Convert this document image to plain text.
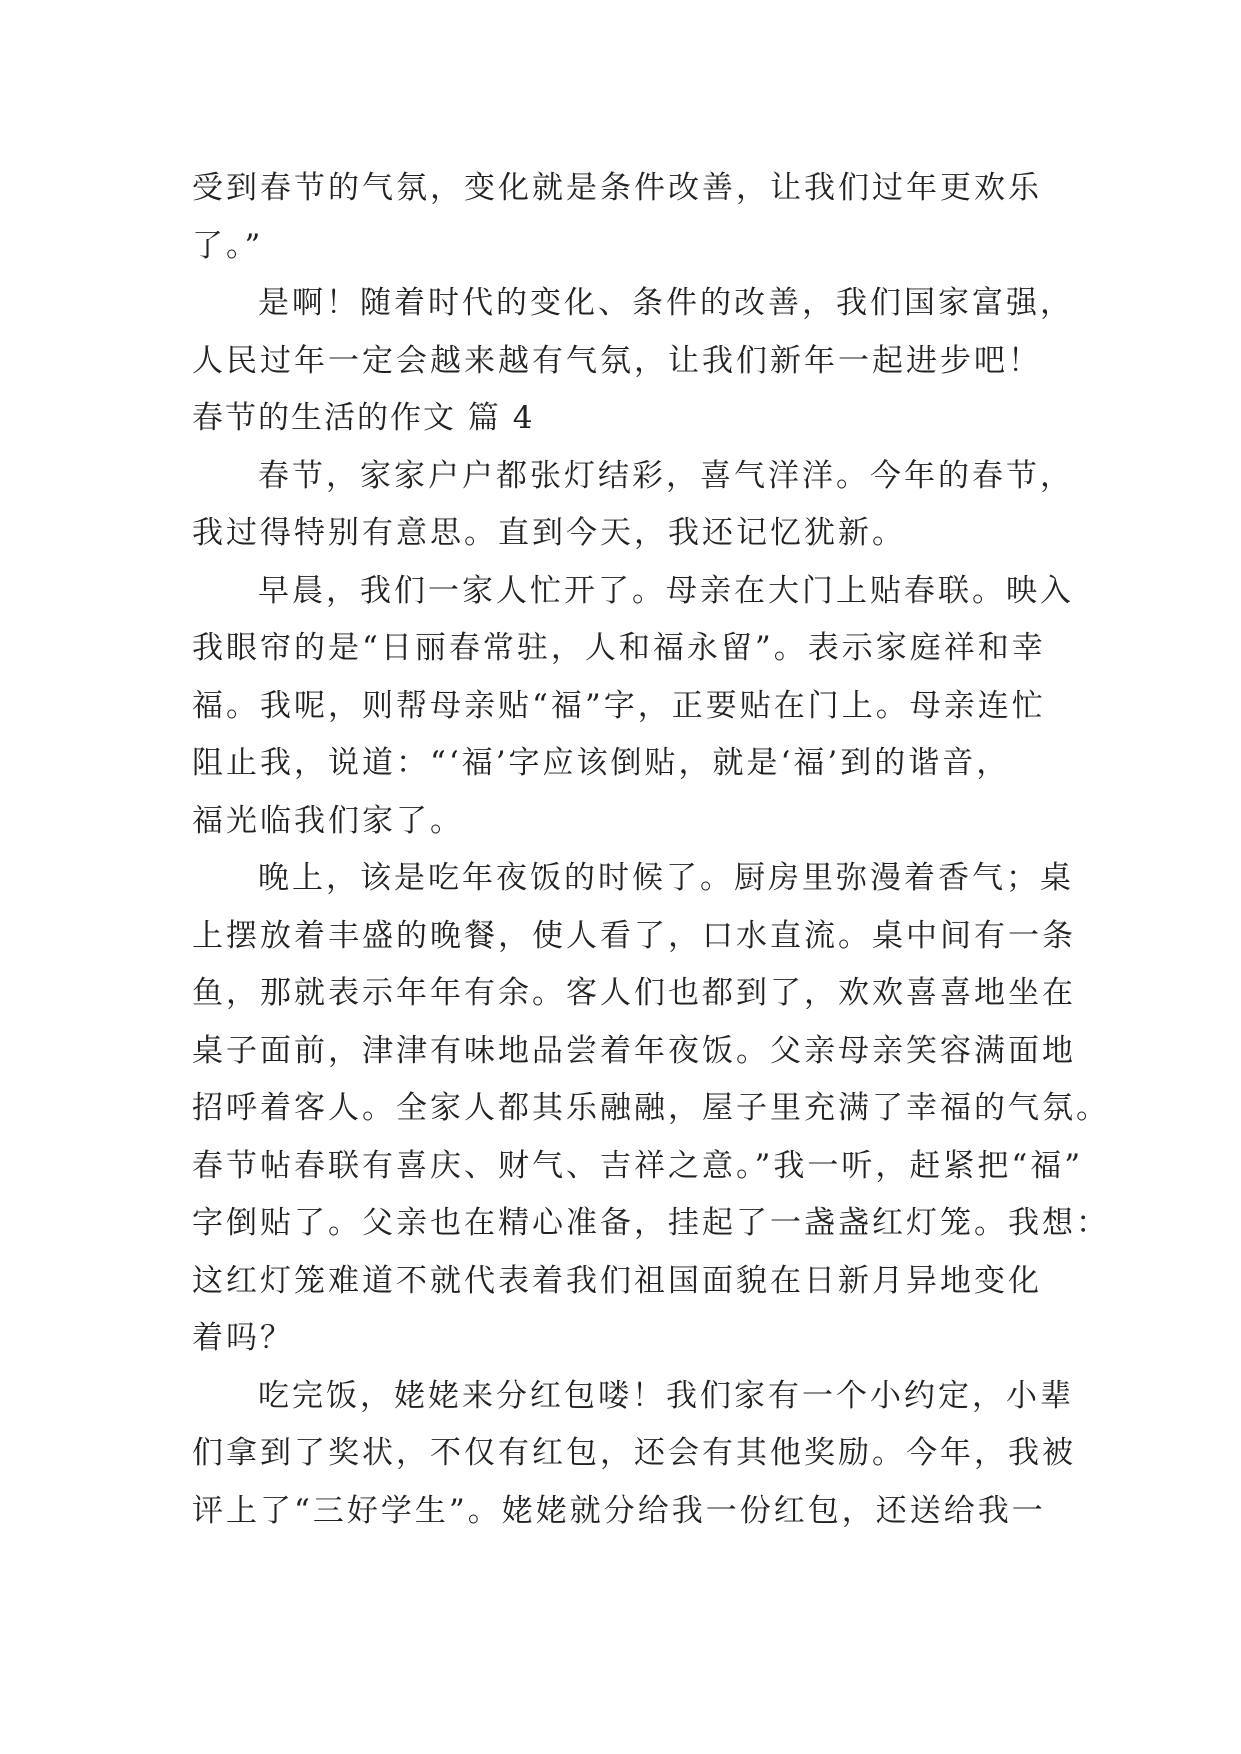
受到春节的气氛，变化就是条件改善，让我们过年更欢乐
了。”
是啊！随着时代的变化、条件的改善，我们国家富强，
人民过年一定会越来越有气氛，让我们新年一起进步吧！
春节的生活的作文 篇 4
春节，家家户户都张灯结彩，喜气洋洋。今年的春节，
我过得特别有意思。直到今天，我还记忆犹新。
早晨，我们一家人忙开了。母亲在大门上贴春联。映入
我眼帘的是“日丽春常驻，人和福永留”。表示家庭祥和幸
福。我呢，则帮母亲贴“福”字，正要贴在门上。母亲连忙
阻止我，说道：“‘福’字应该倒贴，就是‘福’到的谐音，
福光临我们家了。
晚上，该是吃年夜饭的时候了。厨房里弥漫着香气；桌
上摆放着丰盛的晚餐，使人看了，口水直流。桌中间有一条
鱼，那就表示年年有余。客人们也都到了，欢欢喜喜地坐在
桌子面前，津津有味地品尝着年夜饭。父亲母亲笑容满面地
招呼着客人。全家人都其乐融融，屋子里充满了幸福的气氛。
春节帖春联有喜庆、财气、吉祥之意。”我一听，赶紧把“福”
字倒贴了。父亲也在精心准备，挂起了一盏盏红灯笼。我想：
这红灯笼难道不就代表着我们祖国面貌在日新月异地变化
着吗？
吃完饭，姥姥来分红包喽！我们家有一个小约定，小辈
们拿到了奖状，不仅有红包，还会有其他奖励。今年，我被
评上了“三好学生”。姥姥就分给我一份红包，还送给我一
